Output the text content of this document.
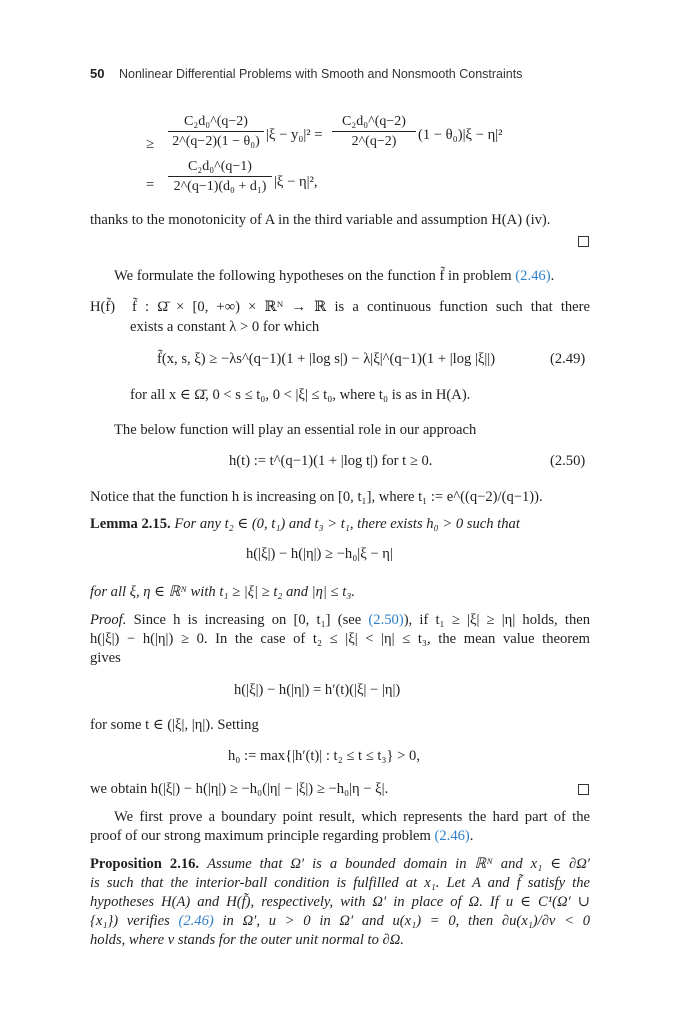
50 Nonlinear Differential Problems with Smooth and Nonsmooth Constraints
≥
C₂d₀^(q−2)
2^(q−2)(1 − θ₀) |ξ − y₀|² =
C₂d₀^(q−2)
2^(q−2)	(1 − θ₀)|ξ − η|²
=
C₂d₀^(q−1)
2^(q−1)(d₀ + d₁) |ξ − η|²,
thanks to the monotonicity of A in the third variable and assumption H(A) (iv).
We formulate the following hypotheses on the function f̃ in problem (2.46).
H(f̃)	f̃ : Ω̄ × [0, +∞) × ℝᴺ → ℝ is a continuous function such that there
exists a constant λ > 0 for which
f̃(x, s, ξ) ≥ −λs^(q−1)(1 + |log s|) − λ|ξ|^(q−1)(1 + |log |ξ||)	(2.49)
for all x ∈ Ω̄, 0 < s ≤ t₀, 0 < |ξ| ≤ t₀, where t₀ is as in H(A).
The below function will play an essential role in our approach
h(t) := t^(q−1)(1 + |log t|) for t ≥ 0.	(2.50)
Notice that the function h is increasing on [0, t₁], where t₁ := e^((q−2)/(q−1)).
Lemma 2.15. For any t₂ ∈ (0, t₁) and t₃ > t₁, there exists h₀ > 0 such that
h(|ξ|) − h(|η|) ≥ −h₀|ξ − η|
for all ξ, η ∈ ℝᴺ with t₁ ≥ |ξ| ≥ t₂ and |η| ≤ t₃.
Proof. Since h is increasing on [0, t₁] (see (2.50)), if t₁ ≥ |ξ| ≥ |η| holds, then
h(|ξ|) − h(|η|) ≥ 0. In the case of t₂ ≤ |ξ| < |η| ≤ t₃, the mean value theorem
gives
h(|ξ|) − h(|η|) = h′(t)(|ξ| − |η|)
for some t ∈ (|ξ|, |η|). Setting
h₀ := max{|h′(t)| : t₂ ≤ t ≤ t₃} > 0,
we obtain h(|ξ|) − h(|η|) ≥ −h₀(|η| − |ξ|) ≥ −h₀|η − ξ|.
We first prove a boundary point result, which represents the hard part of the
proof of our strong maximum principle regarding problem (2.46).
Proposition 2.16. Assume that Ω′ is a bounded domain in ℝᴺ and x₁ ∈ ∂Ω′
is such that the interior-ball condition is fulfilled at x₁. Let A and f̃ satisfy the
hypotheses H(A) and H(f̃), respectively, with Ω′ in place of Ω. If u ∈ C¹(Ω′ ∪
{x₁}) verifies (2.46) in Ω′, u > 0 in Ω′ and u(x₁) = 0, then ∂u(x₁)/∂ν < 0
holds, where ν stands for the outer unit normal to ∂Ω.
